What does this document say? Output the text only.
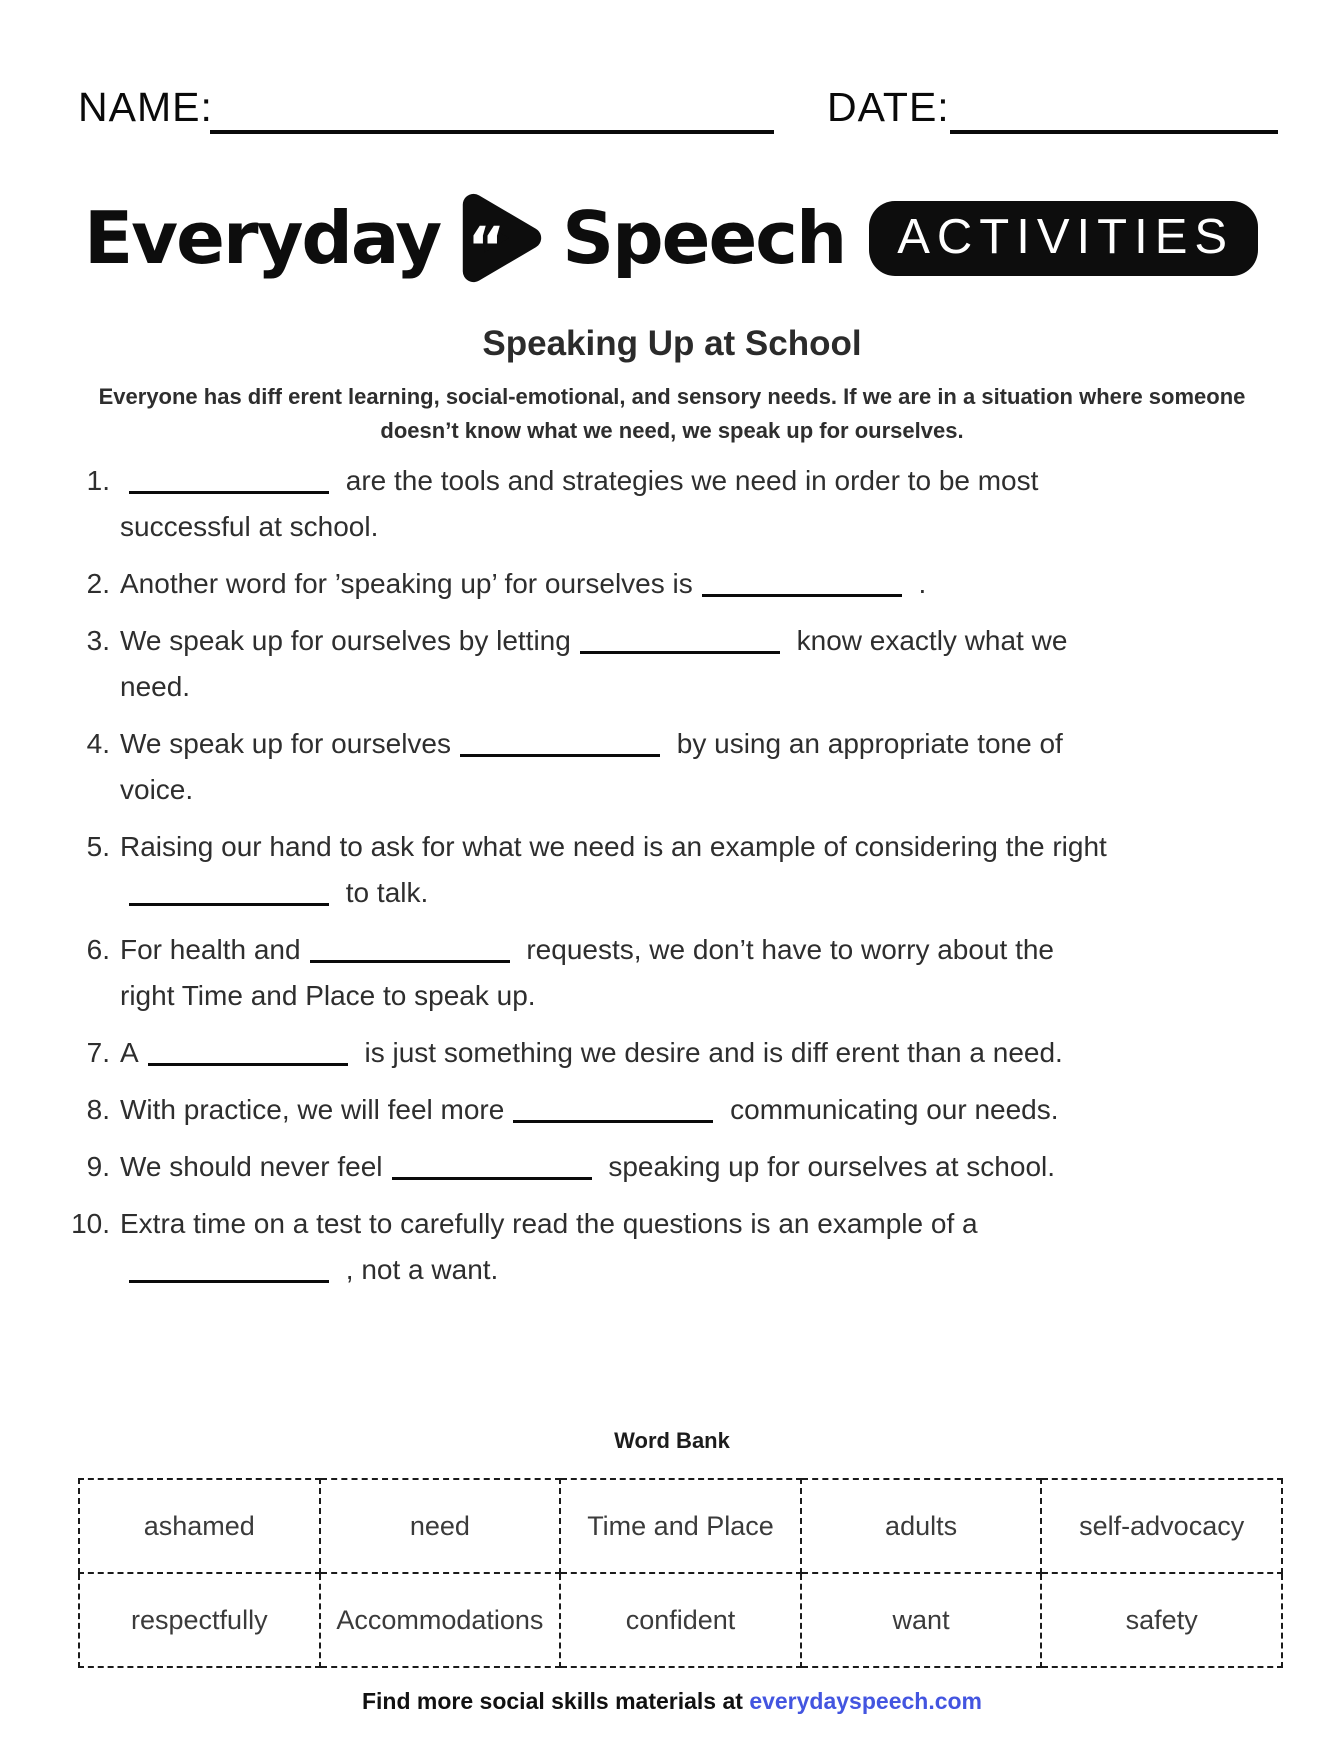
NAME:	DATE:
Everyday “ Speech	ACTIVITIES
Speaking Up at School
Everyone has diff erent learning, social-emotional, and sensory needs. If we are in a situation where someone
doesn’t know what we need, we speak up for ourselves.
1.	are the tools and strategies we need in order to be most
successful at school.
2. Another word for ’speaking up’ for ourselves is	.
3. We speak up for ourselves by letting	know exactly what we
need.
4. We speak up for ourselves	by using an appropriate tone of
voice.
5. Raising our hand to ask for what we need is an example of considering the right
to talk.
6. For health and	requests, we don’t have to worry about the
right Time and Place to speak up.
7. A	is just something we desire and is diff erent than a need.
8. With practice, we will feel more	communicating our needs.
9. We should never feel	speaking up for ourselves at school.
10. Extra time on a test to carefully read the questions is an example of a
, not a want.
Word Bank
ashamed	need	Time and Place	adults	self-advocacy
respectfully	Accommodations	confident	want	safety
Find more social skills materials at everydayspeech.com
